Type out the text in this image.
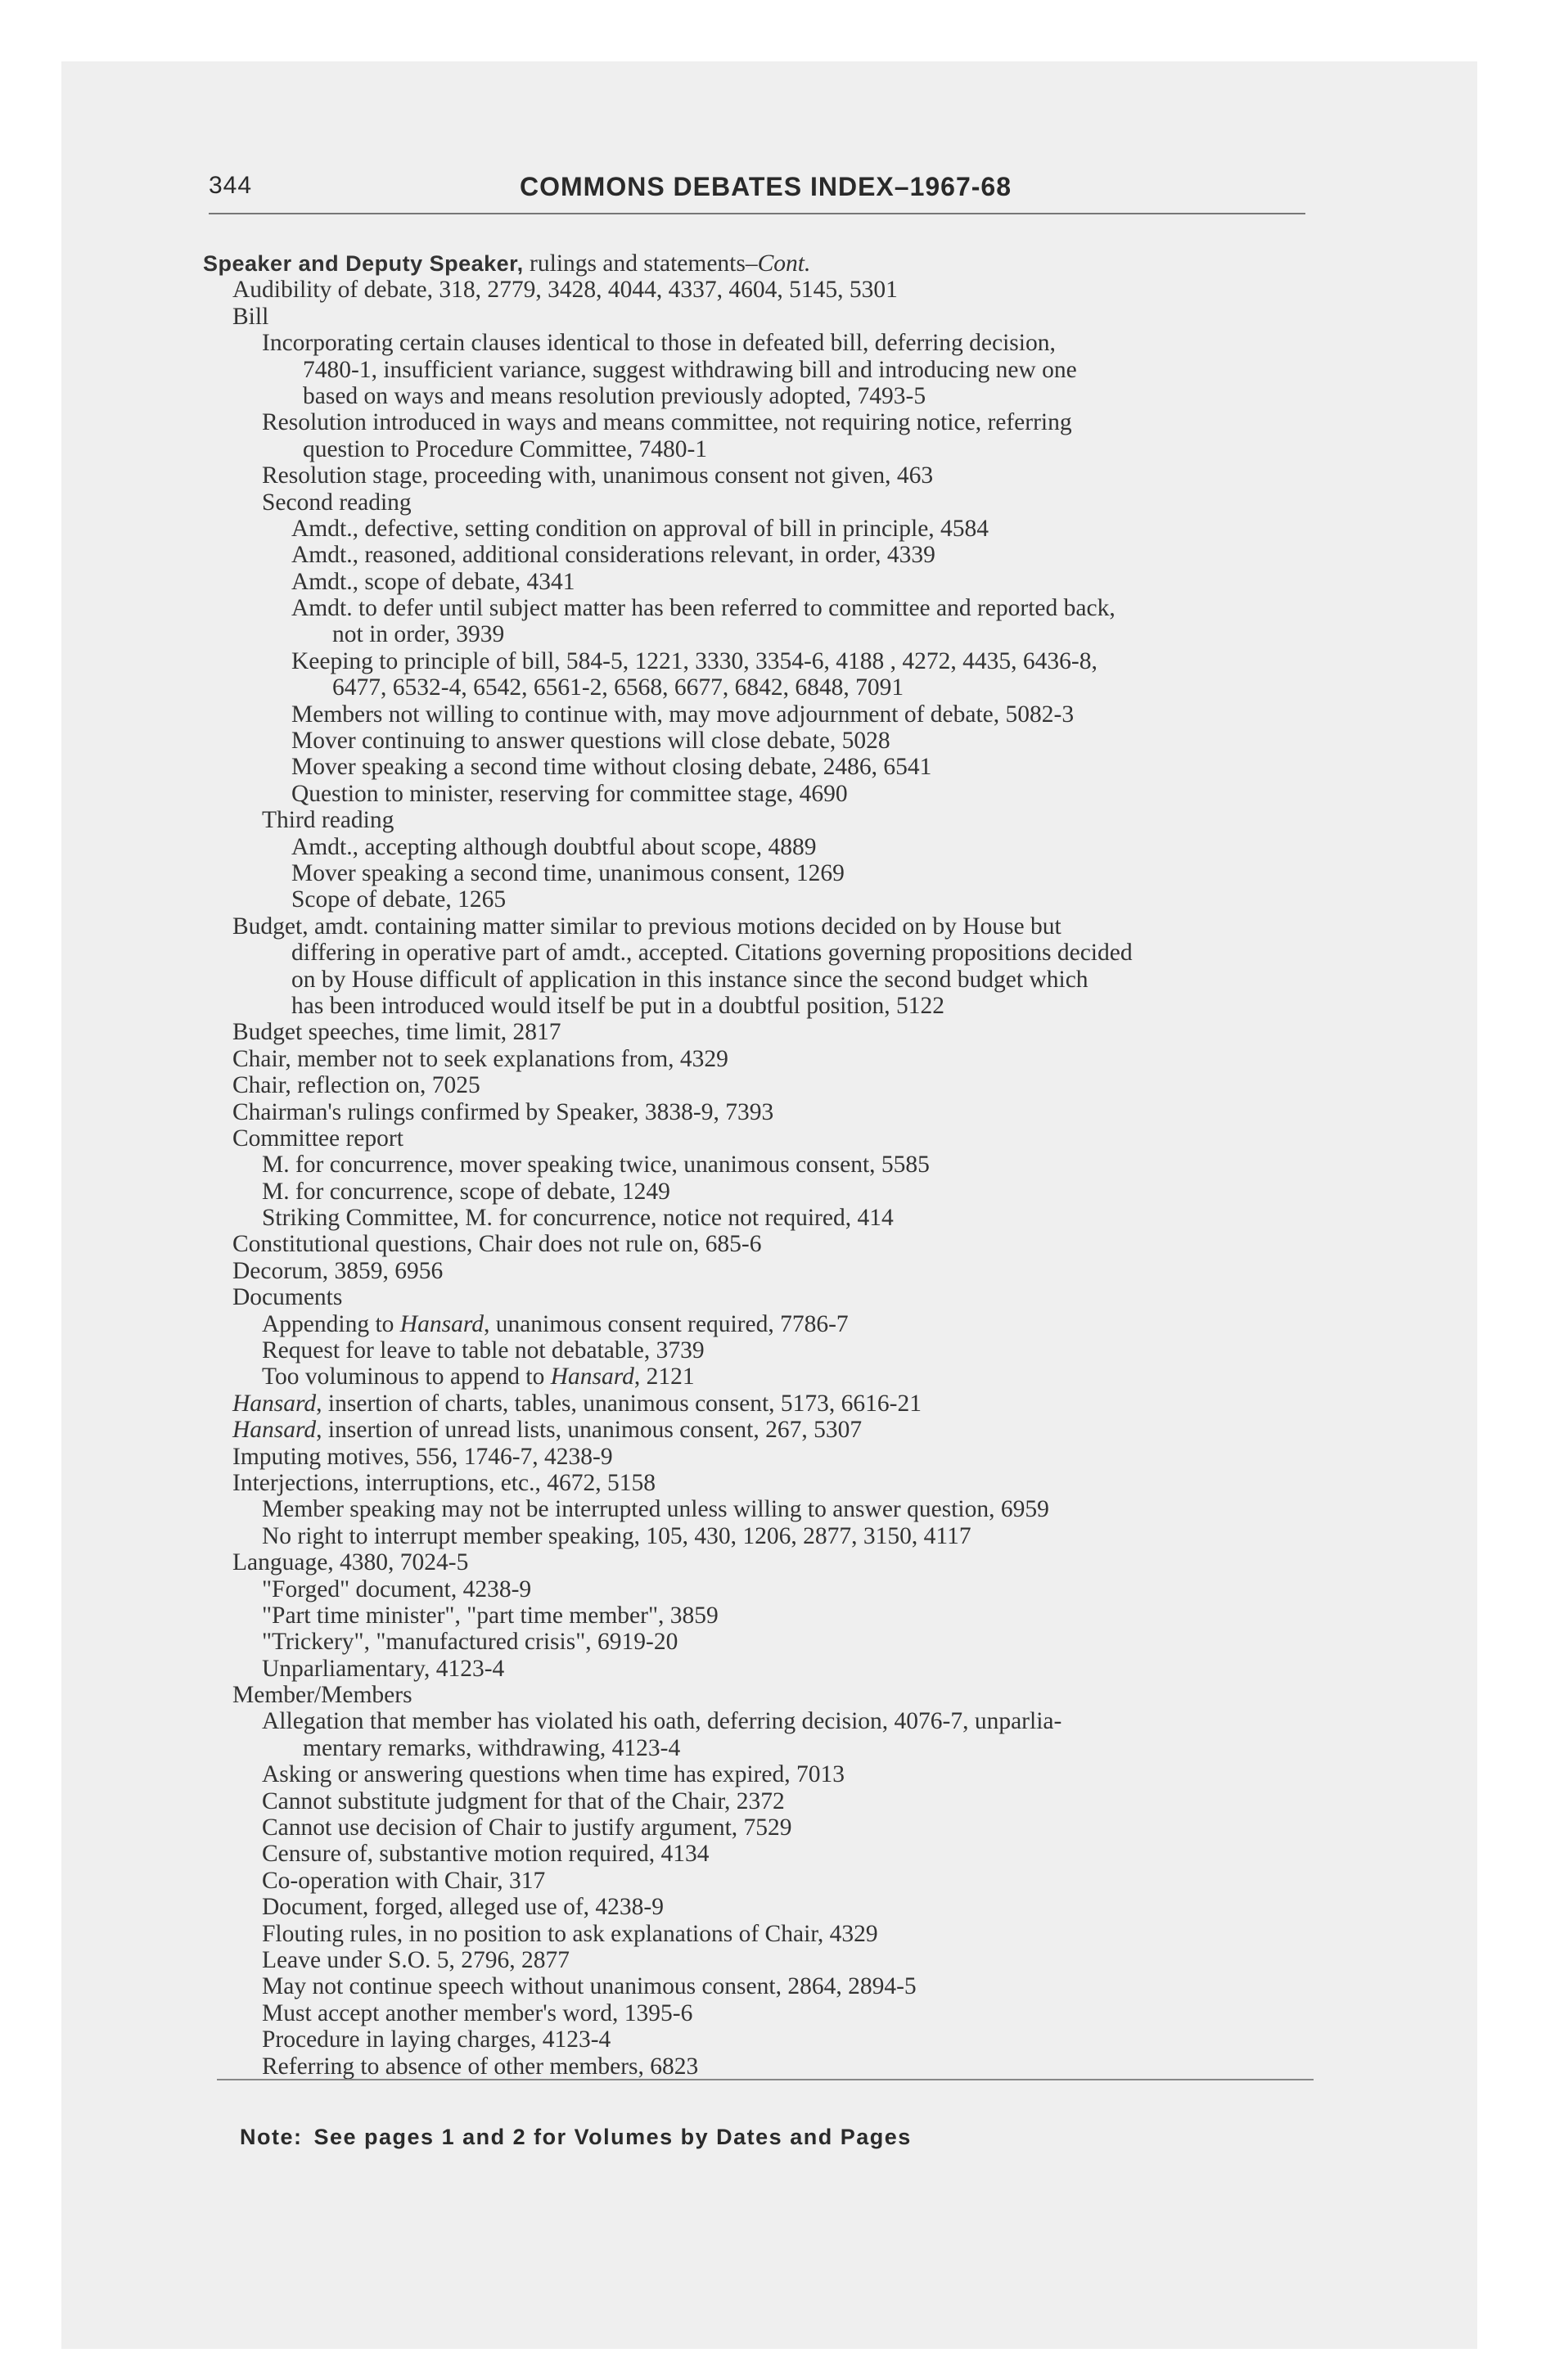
344	COMMONS DEBATES INDEX–1967-68
Speaker and Deputy Speaker, rulings and statements–Cont.
Audibility of debate, 318, 2779, 3428, 4044, 4337, 4604, 5145, 5301
Bill
Incorporating certain clauses identical to those in defeated bill, deferring decision,
7480-1, insufficient variance, suggest withdrawing bill and introducing new one
based on ways and means resolution previously adopted, 7493-5
Resolution introduced in ways and means committee, not requiring notice, referring
question to Procedure Committee, 7480-1
Resolution stage, proceeding with, unanimous consent not given, 463
Second reading
Amdt., defective, setting condition on approval of bill in principle, 4584
Amdt., reasoned, additional considerations relevant, in order, 4339
Amdt., scope of debate, 4341
Amdt. to defer until subject matter has been referred to committee and reported back,
not in order, 3939
Keeping to principle of bill, 584-5, 1221, 3330, 3354-6, 4188 , 4272, 4435, 6436-8,
6477, 6532-4, 6542, 6561-2, 6568, 6677, 6842, 6848, 7091
Members not willing to continue with, may move adjournment of debate, 5082-3
Mover continuing to answer questions will close debate, 5028
Mover speaking a second time without closing debate, 2486, 6541
Question to minister, reserving for committee stage, 4690
Third reading
Amdt., accepting although doubtful about scope, 4889
Mover speaking a second time, unanimous consent, 1269
Scope of debate, 1265
Budget, amdt. containing matter similar to previous motions decided on by House but
differing in operative part of amdt., accepted. Citations governing propositions decided
on by House difficult of application in this instance since the second budget which
has been introduced would itself be put in a doubtful position, 5122
Budget speeches, time limit, 2817
Chair, member not to seek explanations from, 4329
Chair, reflection on, 7025
Chairman's rulings confirmed by Speaker, 3838-9, 7393
Committee report
M. for concurrence, mover speaking twice, unanimous consent, 5585
M. for concurrence, scope of debate, 1249
Striking Committee, M. for concurrence, notice not required, 414
Constitutional questions, Chair does not rule on, 685-6
Decorum, 3859, 6956
Documents
Appending to Hansard, unanimous consent required, 7786-7
Request for leave to table not debatable, 3739
Too voluminous to append to Hansard, 2121
Hansard, insertion of charts, tables, unanimous consent, 5173, 6616-21
Hansard, insertion of unread lists, unanimous consent, 267, 5307
Imputing motives, 556, 1746-7, 4238-9
Interjections, interruptions, etc., 4672, 5158
Member speaking may not be interrupted unless willing to answer question, 6959
No right to interrupt member speaking, 105, 430, 1206, 2877, 3150, 4117
Language, 4380, 7024-5
"Forged" document, 4238-9
"Part time minister", "part time member", 3859
"Trickery", "manufactured crisis", 6919-20
Unparliamentary, 4123-4
Member/Members
Allegation that member has violated his oath, deferring decision, 4076-7, unparlia-
mentary remarks, withdrawing, 4123-4
Asking or answering questions when time has expired, 7013
Cannot substitute judgment for that of the Chair, 2372
Cannot use decision of Chair to justify argument, 7529
Censure of, substantive motion required, 4134
Co-operation with Chair, 317
Document, forged, alleged use of, 4238-9
Flouting rules, in no position to ask explanations of Chair, 4329
Leave under S.O. 5, 2796, 2877
May not continue speech without unanimous consent, 2864, 2894-5
Must accept another member's word, 1395-6
Procedure in laying charges, 4123-4
Referring to absence of other members, 6823
Note: See pages 1 and 2 for Volumes by Dates and Pages
